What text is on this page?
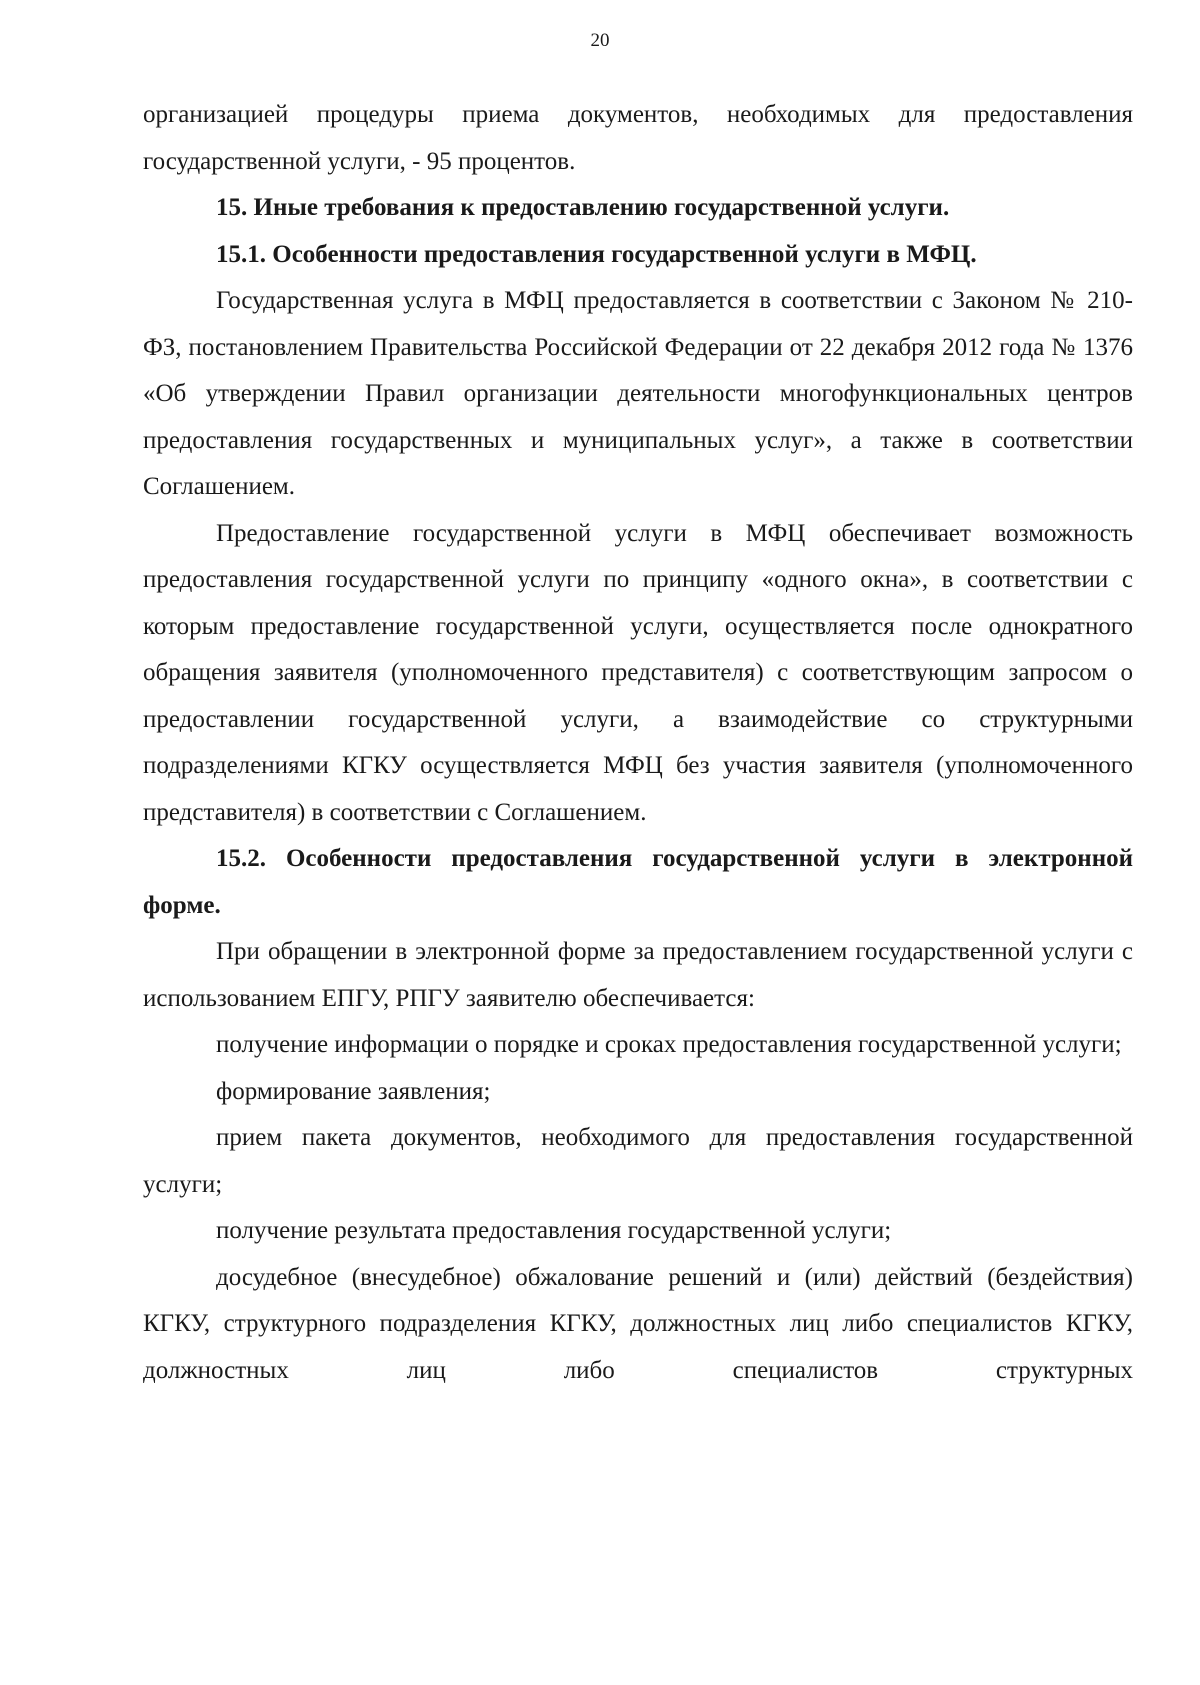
20

организацией процедуры приема документов, необходимых для предоставления государственной услуги, - 95 процентов.

15. Иные требования к предоставлению государственной услуги.

15.1. Особенности предоставления государственной услуги в МФЦ.

Государственная услуга в МФЦ предоставляется в соответствии с Законом № 210-ФЗ, постановлением Правительства Российской Федерации от 22 декабря 2012 года № 1376 «Об утверждении Правил организации деятельности многофункциональных центров предоставления государственных и муниципальных услуг», а также в соответствии Соглашением.

Предоставление государственной услуги в МФЦ обеспечивает возможность предоставления государственной услуги по принципу «одного окна», в соответствии с которым предоставление государственной услуги, осуществляется после однократного обращения заявителя (уполномоченного представителя) с соответствующим запросом о предоставлении государственной услуги, а взаимодействие со структурными подразделениями КГКУ осуществляется МФЦ без участия заявителя (уполномоченного представителя) в соответствии с Соглашением.

15.2. Особенности предоставления государственной услуги в электронной форме.

При обращении в электронной форме за предоставлением государственной услуги с использованием ЕПГУ, РПГУ заявителю обеспечивается:

получение информации о порядке и сроках предоставления государственной услуги;

формирование заявления;

прием пакета документов, необходимого для предоставления государственной услуги;

получение результата предоставления государственной услуги;

досудебное (внесудебное) обжалование решений и (или) действий (бездействия) КГКУ, структурного подразделения КГКУ, должностных лиц либо специалистов КГКУ, должностных лиц либо специалистов структурных
